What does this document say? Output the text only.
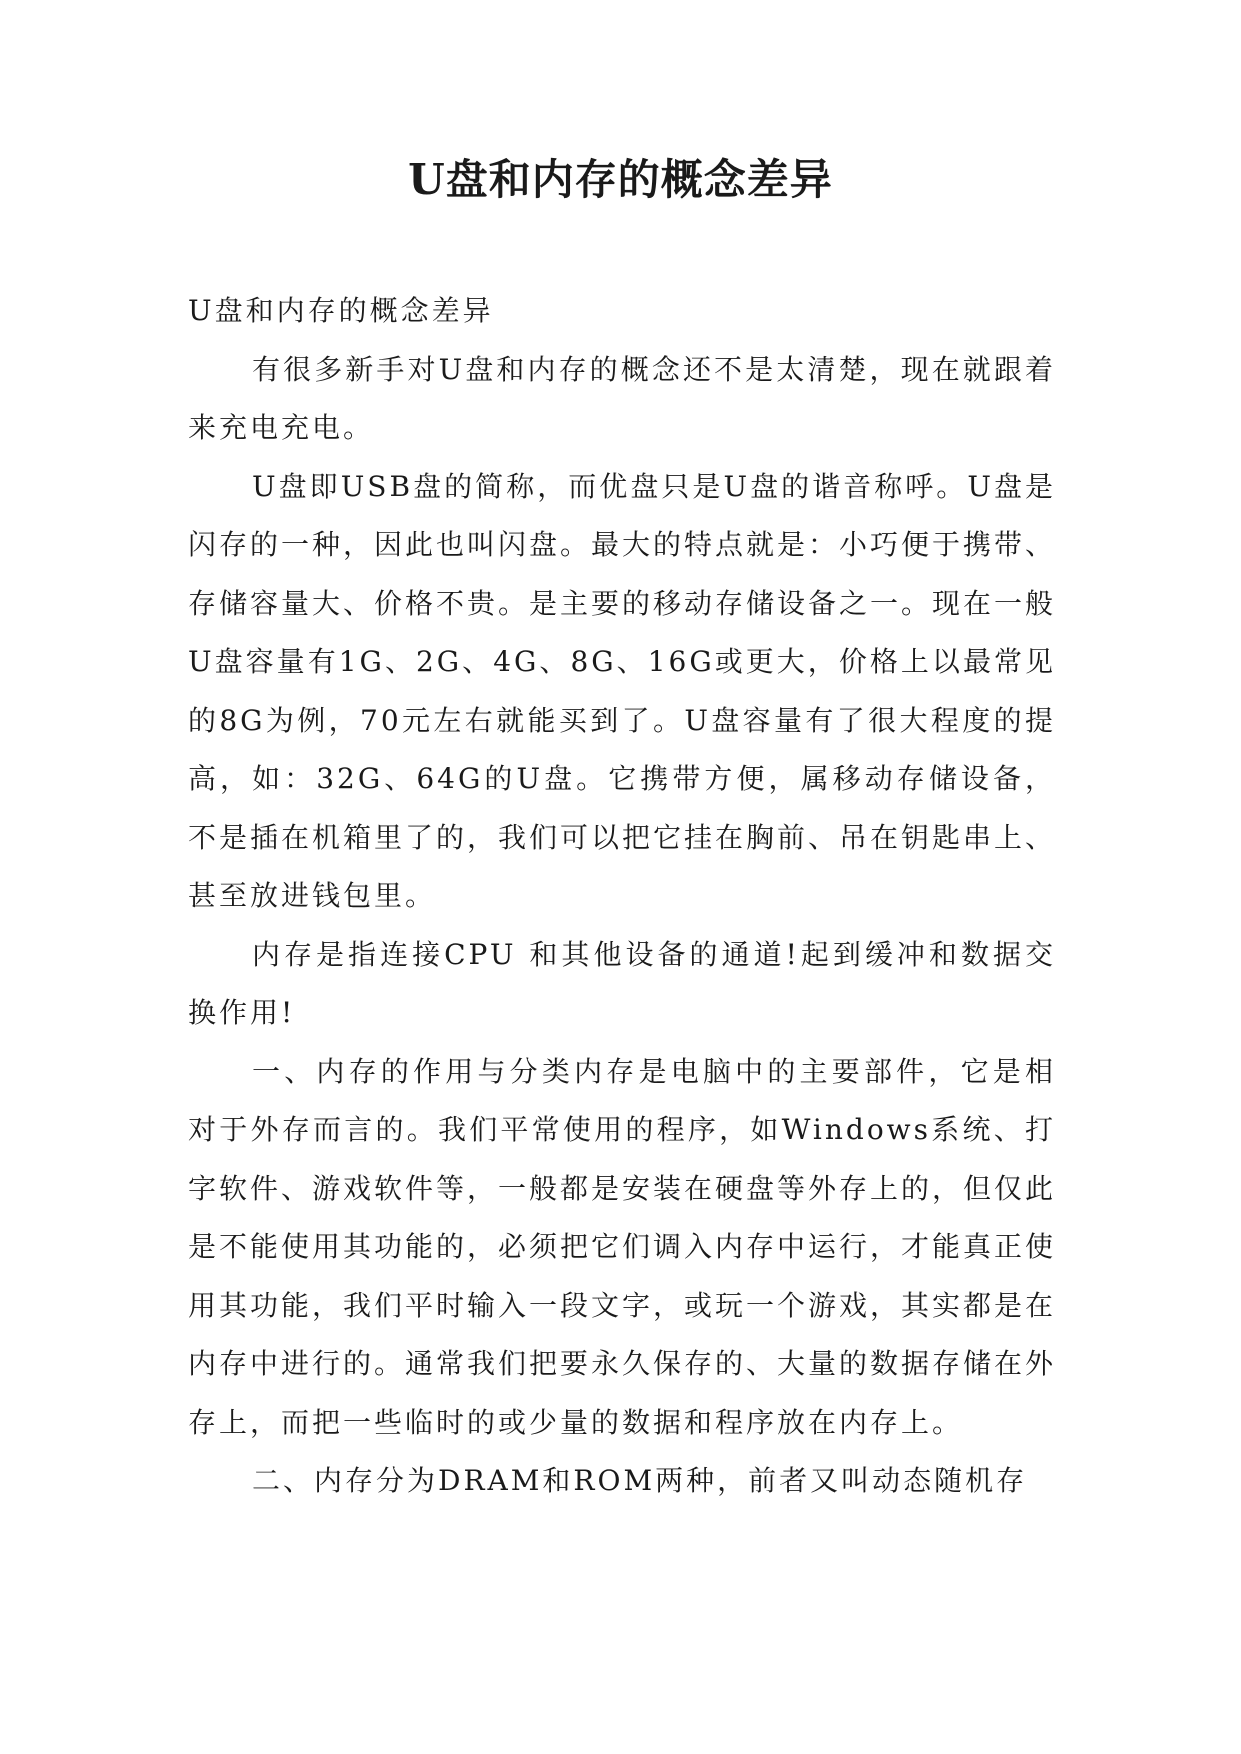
U盘和内存的概念差异

U盘和内存的概念差异

有很多新手对U盘和内存的概念还不是太清楚，现在就跟着来充电充电。

U盘即USB盘的简称，而优盘只是U盘的谐音称呼。U盘是闪存的一种，因此也叫闪盘。最大的特点就是：小巧便于携带、存储容量大、价格不贵。是主要的移动存储设备之一。现在一般U盘容量有1G、2G、4G、8G、16G或更大，价格上以最常见的8G为例，70元左右就能买到了。U盘容量有了很大程度的提高，如：32G、64G的U盘。它携带方便，属移动存储设备，不是插在机箱里了的，我们可以把它挂在胸前、吊在钥匙串上、甚至放进钱包里。

内存是指连接CPU 和其他设备的通道!起到缓冲和数据交换作用!

一、内存的作用与分类内存是电脑中的主要部件，它是相对于外存而言的。我们平常使用的程序，如Windows系统、打字软件、游戏软件等，一般都是安装在硬盘等外存上的，但仅此是不能使用其功能的，必须把它们调入内存中运行，才能真正使用其功能，我们平时输入一段文字，或玩一个游戏，其实都是在内存中进行的。通常我们把要永久保存的、大量的数据存储在外存上，而把一些临时的或少量的数据和程序放在内存上。

二、内存分为DRAM和ROM两种，前者又叫动态随机存
